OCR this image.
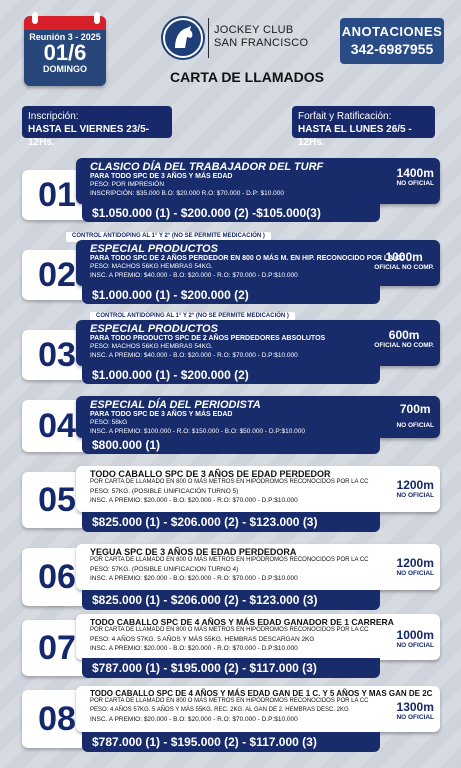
Reunión 3 - 2025
01/6
DOMINGO
JOCKEY CLUB
SAN FRANCISCO
CARTA DE LLAMADOS
ANOTACIONES
342-6987955
Inscripción:
HASTA EL VIERNES 23/5- 12Hs.
Forfait y Ratificación:
HASTA EL LUNES 26/5 - 12Hs.
01
CLASICO DÍA DEL TRABAJADOR DEL TURF
PARA TODO SPC DE 3 AÑOS Y MÁS EDAD
PESO: POR IMPRESIÓN
INSCRIPCIÓN: $35.000 B.O: $20.000 R.O: $70.000 - D.P: $10.000
1400m
NO OFICIAL
$1.050.000 (1) - $200.000 (2) -$105.000(3)
CONTROL ANTIDOPING AL 1° Y 2° (NO SE PERMITE MEDICACIÓN )
02
ESPECIAL PRODUCTOS
PARA TODO SPC DE 2 AÑOS PERDEDOR EN 800 O MÁS M. EN HIP. RECONOCIDO POR LA CC
PESO: MACHOS 56KG HEMBRAS 54KG.
INSC. A PREMIO: $40.000 - B.O: $20.000 - R.O: $70.000 - D.P:$10.000
1000m
OFICIAL NO COMP.
$1.000.000 (1) - $200.000 (2)
CONTROL ANTIDOPING AL 1° Y 2° (NO SE PERMITE MEDICACIÓN )
03
ESPECIAL PRODUCTOS
PARA TODO PRODUCTO SPC DE 2 AÑOS PERDEDORES ABSOLUTOS
PESO: MACHOS 56KG HEMBRAS 54KG.
INSC. A PREMIO: $40.000 - B.O: $20.000 - R.O: $70.000 - D.P:$10.000
600m
OFICIAL NO COMP.
$1.000.000 (1) - $200.000 (2)
04
ESPECIAL DÍA DEL PERIODISTA
PARA TODO SPC DE 3 AÑOS Y MÁS EDAD
PESO: 58kG
INSC. A PREMIO: $100.000 - R.O: $150.000 - B.O: $50.000 - D.P:$10.000
700m
NO OFICIAL
$800.000 (1)
05
TODO CABALLO SPC DE 3 AÑOS DE EDAD PERDEDOR
POR CARTA DE LLAMADO EN 800 O MÁS METROS EN HIPÓDROMOS RECONOCIDOS POR LA CC
PESO: 57KG. (POSIBLE UNIFICACIÓN TURNO 5)
INSC. A PREMIO: $20.000 - B.O: $20.000 - R.O: $70.000 - D.P:$10.000
1200m
NO OFICIAL
$825.000 (1) - $206.000 (2) - $123.000 (3)
06
YEGUA SPC DE 3 AÑOS DE EDAD PERDEDORA
POR CARTA DE LLAMADO EN 800 O MÁS METROS EN HIPÓDROMOS RECONOCIDOS POR LA CC
PESO: 57KG. (POSIBLE UNIFICACION TURNO 4)
INSC. A PREMIO: $20.000 - B.O: $20.000 - R.O: $70.000 - D.P:$10.000
1200m
NO OFICIAL
$825.000 (1) - $206.000 (2) - $123.000 (3)
07
TODO CABALLO SPC DE 4 AÑOS Y MÁS EDAD GANADOR DE 1 CARRERA
POR CARTA DE LLAMADO EN 800 O MÁS METROS EN HIPÓDROMOS RECONOCIDOS POR LA CC
PESO: 4 AÑOS 57KG. 5 AÑOS Y MÁS 55KG. HEMBRAS DESCARGAN 2KG
INSC. A PREMIO: $20.000 - B.O: $20.000 - R.O: $70.000 - D.P:$10.000
1000m
NO OFICIAL
$787.000 (1) - $195.000 (2) - $117.000 (3)
08
TODO CABALLO SPC DE 4 AÑOS Y MÁS EDAD GAN DE 1 C. Y 5 AÑOS Y MAS GAN DE 2C
POR CARTA DE LLAMADO EN 800 O MÁS METROS EN HIPÓDROMOS RECONOCIDOS POR LA CC
PESO: 4 AÑOS 57KG. 5 AÑOS Y MÁS 55KG. REC. 2KG. AL GAN DE 2. HEMBRAS DESC. 2KG
INSC. A PREMIO: $20.000 - B.O: $20.000 - R.O: $70.000 - D.P:$10.000
1300m
NO OFICIAL
$787.000 (1) - $195.000 (2) - $117.000 (3)
